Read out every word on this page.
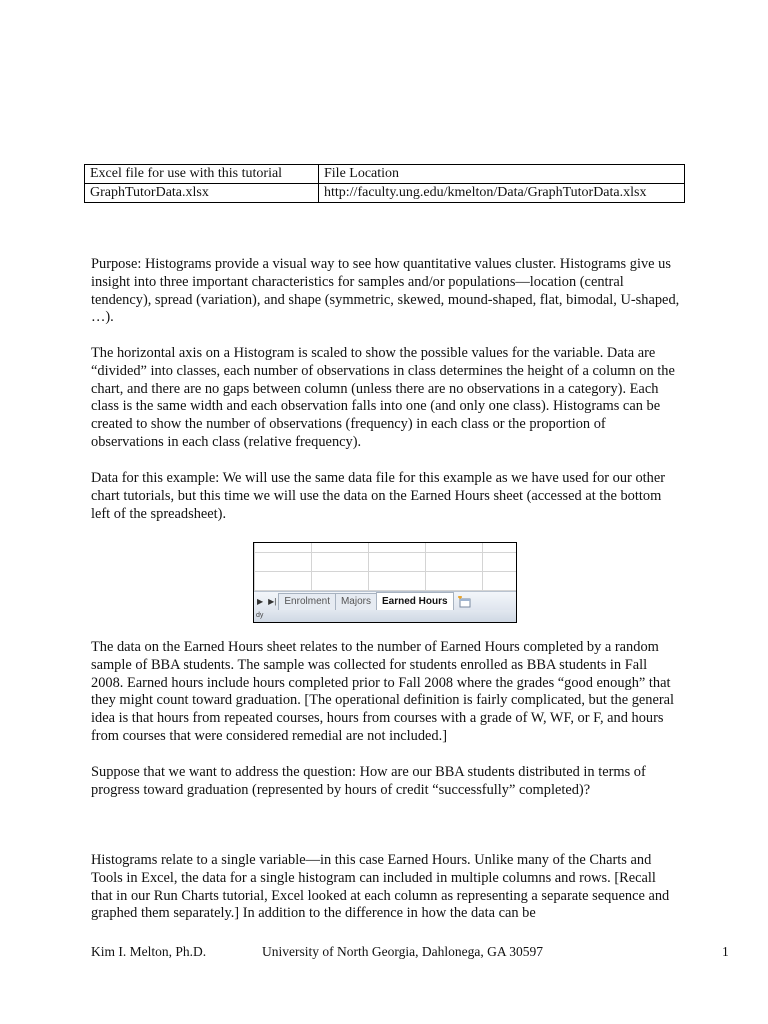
Excel file for use with this tutorial	File Location
GraphTutorData.xlsx	http://faculty.ung.edu/kmelton/Data/GraphTutorData.xlsx

Purpose: Histograms provide a visual way to see how quantitative values cluster. Histograms give us insight into three important characteristics for samples and/or populations—location (central tendency), spread (variation), and shape (symmetric, skewed, mound-shaped, flat, bimodal, U-shaped, …).

The horizontal axis on a Histogram is scaled to show the possible values for the variable. Data are “divided” into classes, each number of observations in class determines the height of a column on the chart, and there are no gaps between column (unless there are no observations in a category). Each class is the same width and each observation falls into one (and only one class). Histograms can be created to show the number of observations (frequency) in each class or the proportion of observations in each class (relative frequency).

Data for this example: We will use the same data file for this example as we have used for our other chart tutorials, but this time we will use the data on the Earned Hours sheet (accessed at the bottom left of the spreadsheet).

▶ ▶| Enrolment	Majors	Earned Hours
dy

The data on the Earned Hours sheet relates to the number of Earned Hours completed by a random sample of BBA students. The sample was collected for students enrolled as BBA students in Fall 2008. Earned hours include hours completed prior to Fall 2008 where the grades “good enough” that they might count toward graduation. [The operational definition is fairly complicated, but the general idea is that hours from repeated courses, hours from courses with a grade of W, WF, or F, and hours from courses that were considered remedial are not included.]

Suppose that we want to address the question: How are our BBA students distributed in terms of progress toward graduation (represented by hours of credit “successfully” completed)?

Histograms relate to a single variable—in this case Earned Hours. Unlike many of the Charts and Tools in Excel, the data for a single histogram can included in multiple columns and rows. [Recall that in our Run Charts tutorial, Excel looked at each column as representing a separate sequence and graphed them separately.] In addition to the difference in how the data can be

Kim I. Melton, Ph.D.	University of North Georgia, Dahlonega, GA 30597	1
